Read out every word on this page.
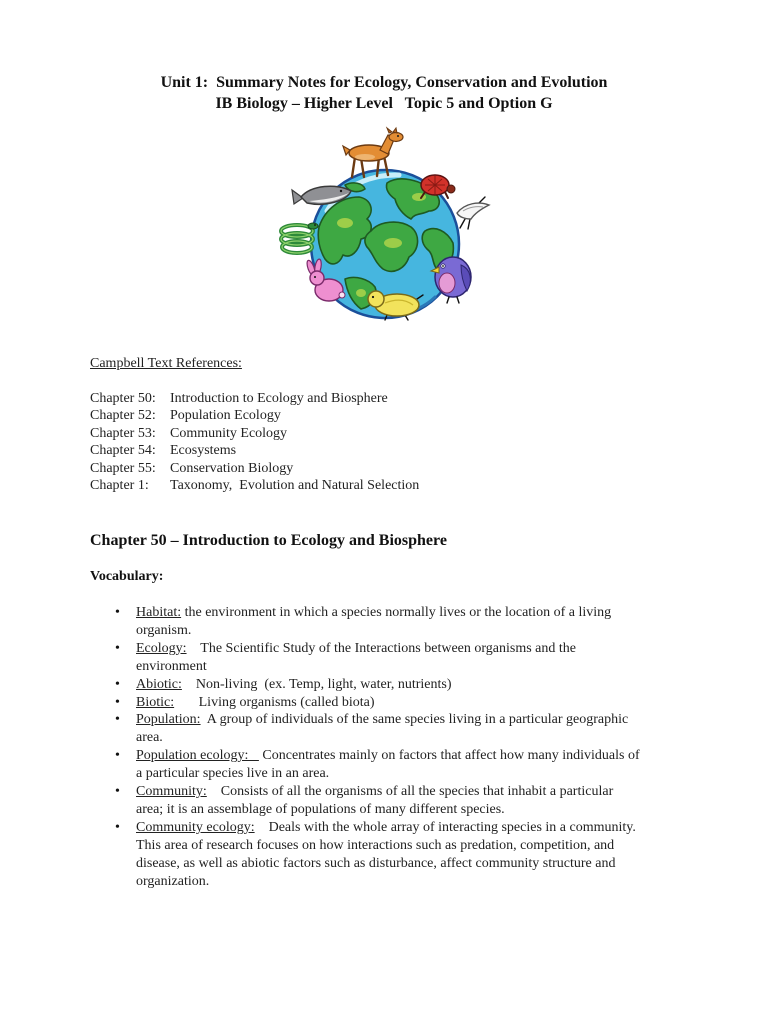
Unit 1:  Summary Notes for Ecology, Conservation and Evolution
IB Biology – Higher Level   Topic 5 and Option G
Campbell Text References:
Chapter 50:	Introduction to Ecology and Biosphere
Chapter 52:	Population Ecology
Chapter 53:	Community Ecology
Chapter 54:	Ecosystems
Chapter 55:	Conservation Biology
Chapter 1:	Taxonomy,  Evolution and Natural Selection
Chapter 50 – Introduction to Ecology and Biosphere
Vocabulary:
• Habitat: the environment in which a species normally lives or the location of a living
organism.
• Ecology:    The Scientific Study of the Interactions between organisms and the
environment
• Abiotic:    Non-living  (ex. Temp, light, water, nutrients)
• Biotic:       Living organisms (called biota)
• Population:  A group of individuals of the same species living in a particular geographic
area.
• Population ecology:    Concentrates mainly on factors that affect how many individuals of
a particular species live in an area.
• Community:    Consists of all the organisms of all the species that inhabit a particular
area; it is an assemblage of populations of many different species.
• Community ecology:    Deals with the whole array of interacting species in a community.
This area of research focuses on how interactions such as predation, competition, and
disease, as well as abiotic factors such as disturbance, affect community structure and
organization.
